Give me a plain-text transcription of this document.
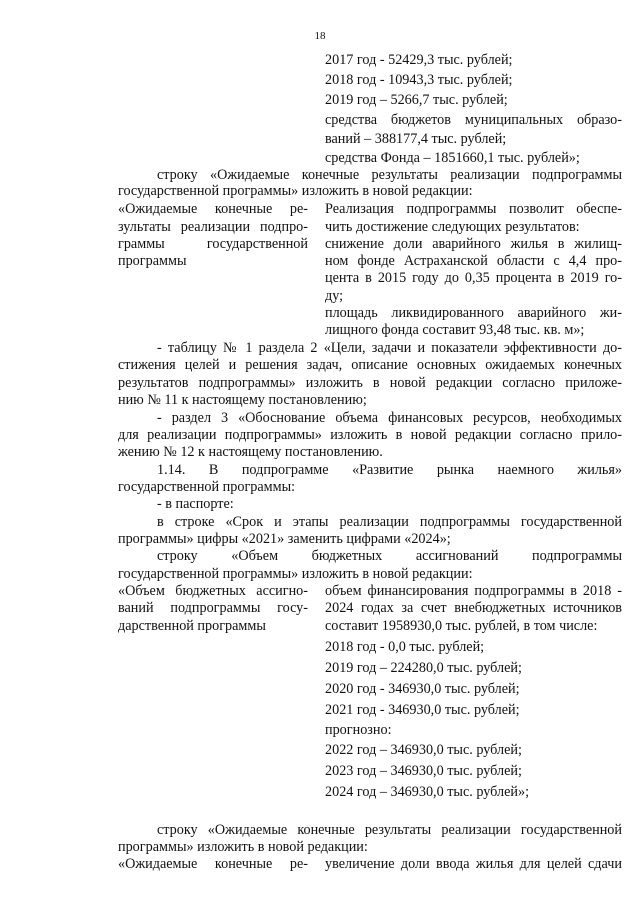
18
2017 год - 52429,3 тыс. рублей;
2018 год - 10943,3 тыс. рублей;
2019 год – 5266,7 тыс. рублей;
средства бюджетов муниципальных образо-
ваний – 388177,4 тыс. рублей;
средства Фонда – 1851660,1 тыс. рублей»;
строку «Ожидаемые конечные результаты реализации подпрограммы
государственной программы» изложить в новой редакции:
«Ожидаемые конечные ре-
зультаты реализации подпро-
граммы государственной
программы
Реализация подпрограммы позволит обеспе-
чить достижение следующих результатов:
снижение доли аварийного жилья в жилищ-
ном фонде Астраханской области с 4,4 про-
цента в 2015 году до 0,35 процента в 2019 го-
ду;
площадь ликвидированного аварийного жи-
лищного фонда составит 93,48 тыс. кв. м»;
- таблицу № 1 раздела 2 «Цели, задачи и показатели эффективности до-
стижения целей и решения задач, описание основных ожидаемых конечных
результатов подпрограммы» изложить в новой редакции согласно приложе-
нию № 11 к настоящему постановлению;
- раздел 3 «Обоснование объема финансовых ресурсов, необходимых
для реализации подпрограммы» изложить в новой редакции согласно прило-
жению № 12 к настоящему постановлению.
1.14. В подпрограмме «Развитие рынка наемного жилья»
государственной программы:
- в паспорте:
в строке «Срок и этапы реализации подпрограммы государственной
программы» цифры «2021» заменить цифрами «2024»;
строку «Объем бюджетных ассигнований подпрограммы
государственной программы» изложить в новой редакции:
«Объем бюджетных ассигно-
ваний подпрограммы госу-
дарственной программы
объем финансирования подпрограммы в 2018 -
2024 годах за счет внебюджетных источников
составит 1958930,0 тыс. рублей, в том числе:
2018 год - 0,0 тыс. рублей;
2019 год – 224280,0 тыс. рублей;
2020 год - 346930,0 тыс. рублей;
2021 год - 346930,0 тыс. рублей;
прогнозно:
2022 год – 346930,0 тыс. рублей;
2023 год – 346930,0 тыс. рублей;
2024 год – 346930,0 тыс. рублей»;
строку «Ожидаемые конечные результаты реализации государственной
программы» изложить в новой редакции:
«Ожидаемые конечные ре- увеличение доли ввода жилья для целей сдачи
